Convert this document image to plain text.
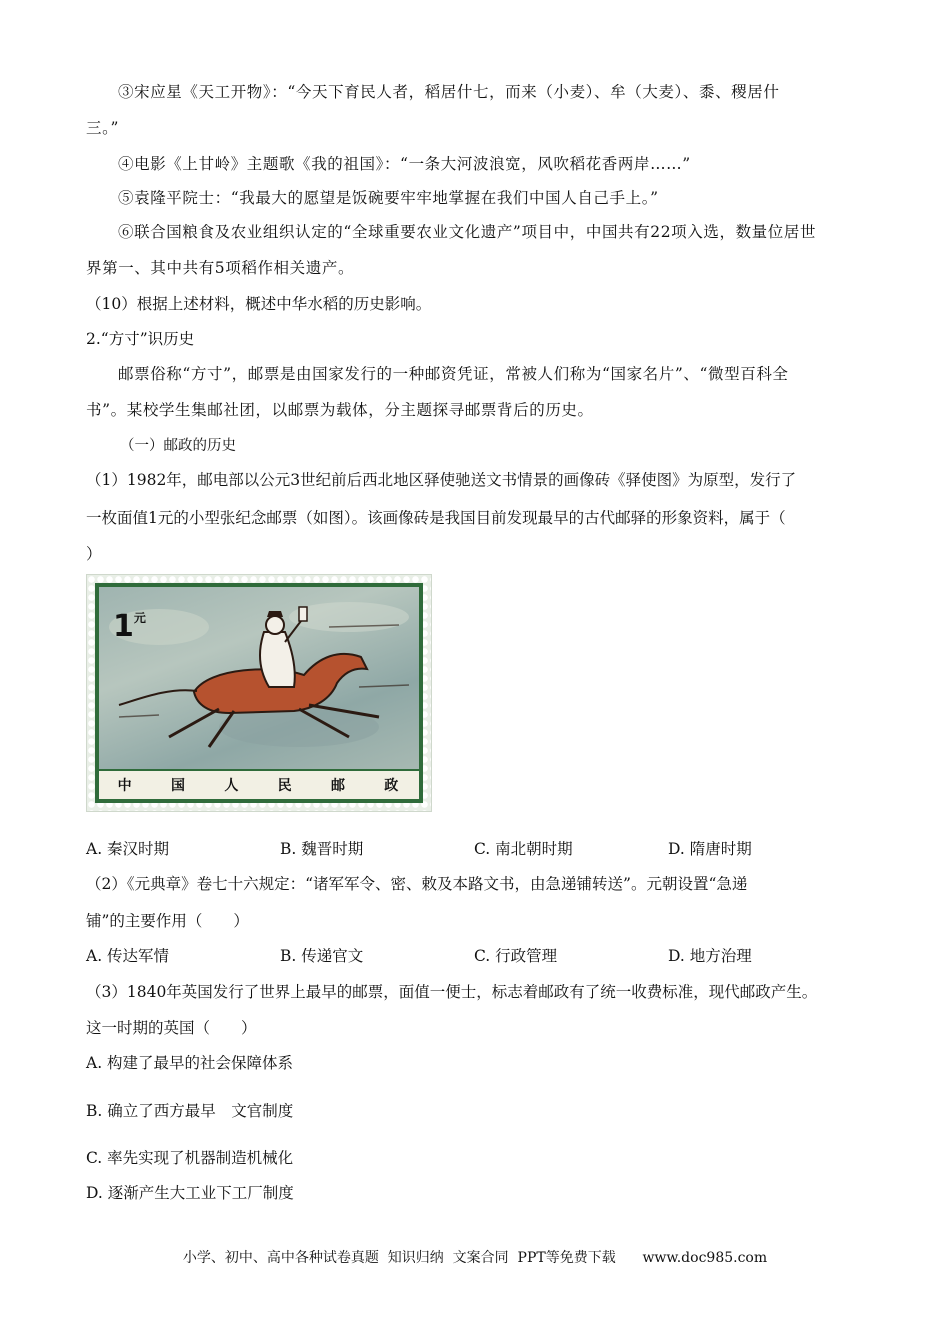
③宋应星《天工开物》：“今天下育民人者，稻居什七，而来（小麦）、牟（大麦）、黍、稷居什
三。”
④电影《上甘岭》主题歌《我的祖国》：“一条大河波浪宽，风吹稻花香两岸……”
⑤袁隆平院士：“我最大的愿望是饭碗要牢牢地掌握在我们中国人自己手上。”
⑥联合国粮食及农业组织认定的“全球重要农业文化遗产”项目中，中国共有22项入选，数量位居世
界第一、其中共有5项稻作相关遗产。
（10）根据上述材料，概述中华水稻的历史影响。
2.“方寸”识历史
邮票俗称“方寸”，邮票是由国家发行的一种邮资凭证，常被人们称为“国家名片”、“微型百科全
书”。某校学生集邮社团，以邮票为载体，分主题探寻邮票背后的历史。
（一）邮政的历史
（1）1982年，邮电部以公元3世纪前后西北地区驿使驰送文书情景的画像砖《驿使图》为原型，发行了
一枚面值1元的小型张纪念邮票（如图）。该画像砖是我国目前发现最早的古代邮驿的形象资料，属于（
）
$1^元$
中	国	人	民	邮	政
A. 秦汉时期	B. 魏晋时期	C. 南北朝时期	D. 隋唐时期
（2）《元典章》卷七十六规定：“诸军军令、密、敕及本路文书，由急递铺转送”。元朝设置“急递
铺”的主要作用（　　）
A. 传达军情	B. 传递官文	C. 行政管理	D. 地方治理
（3）1840年英国发行了世界上最早的邮票，面值一便士，标志着邮政有了统一收费标准，现代邮政产生。
这一时期的英国（　　）
A. 构建了最早的社会保障体系
B. 确立了西方最早　文官制度
C. 率先实现了机器制造机械化
D. 逐渐产生大工业下工厂制度
小学、初中、高中各种试卷真题  知识归纳  文案合同  PPT等免费下载      www.doc985.com
